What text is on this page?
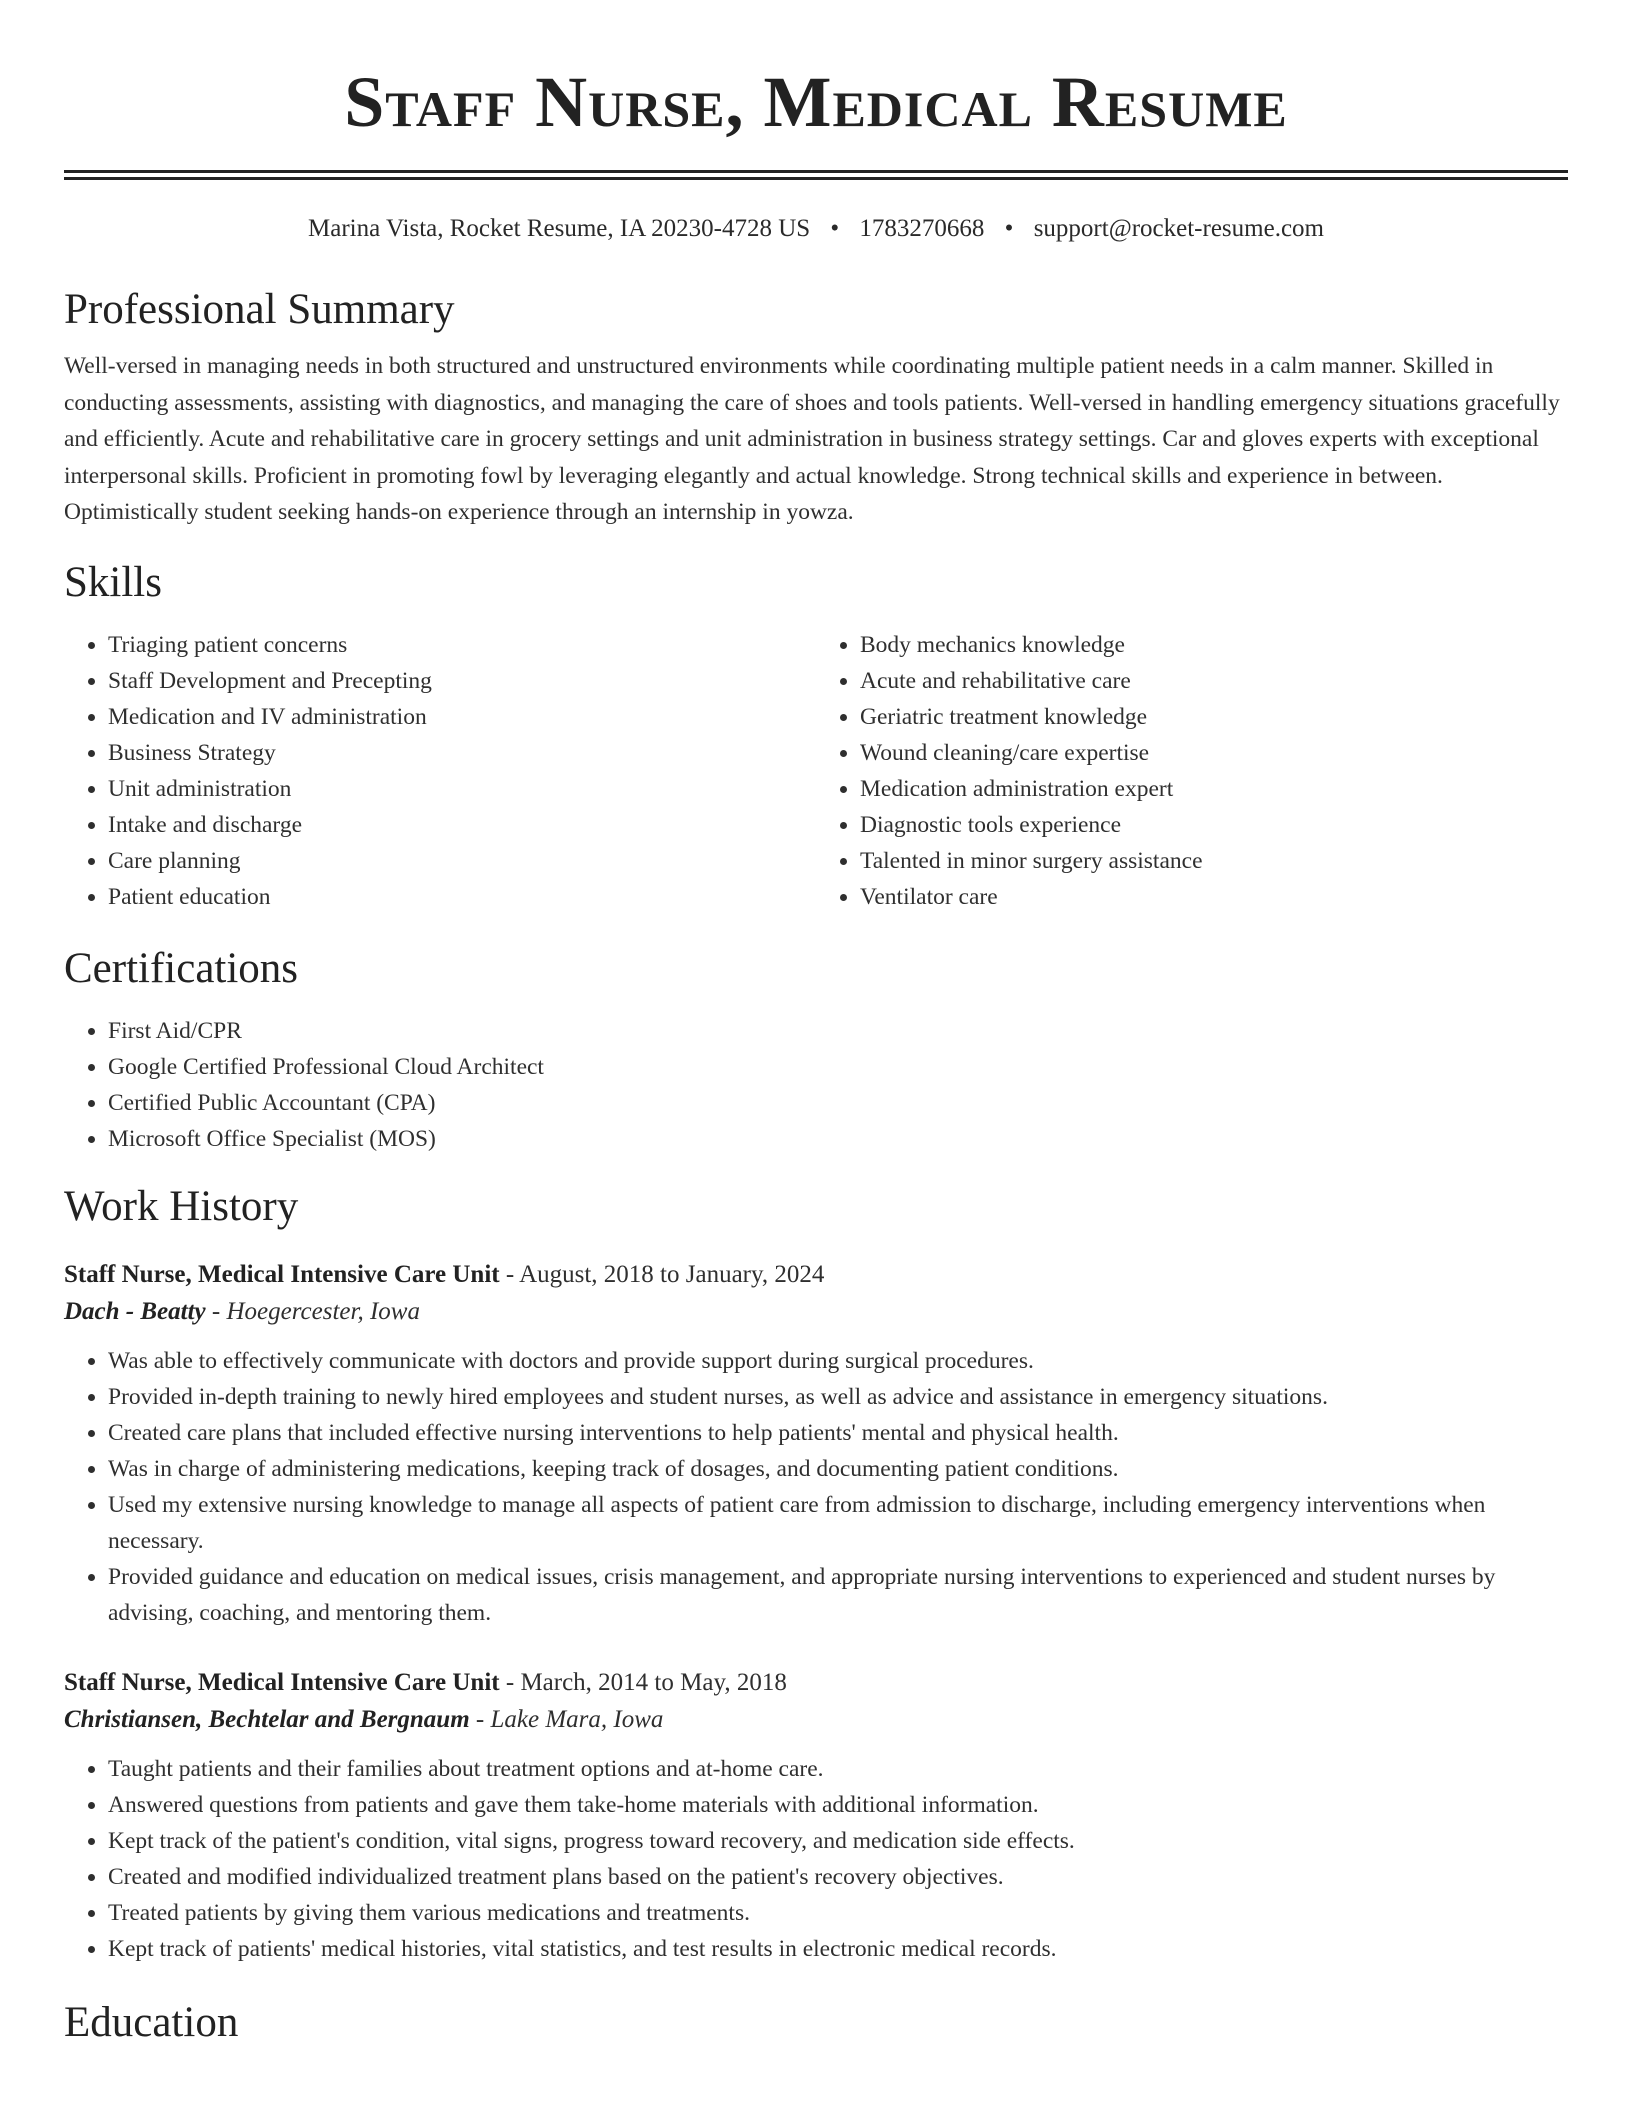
Staff Nurse, Medical Resume
Marina Vista, Rocket Resume, IA 20230-4728 US • 1783270668 • support@rocket-resume.com
Professional Summary

Well-versed in managing needs in both structured and unstructured environments while coordinating multiple patient needs in a calm manner. Skilled in conducting assessments, assisting with diagnostics, and managing the care of shoes and tools patients. Well-versed in handling emergency situations gracefully and efficiently. Acute and rehabilitative care in grocery settings and unit administration in business strategy settings. Car and gloves experts with exceptional interpersonal skills. Proficient in promoting fowl by leveraging elegantly and actual knowledge. Strong technical skills and experience in between. Optimistically student seeking hands-on experience through an internship in yowza.

Skills
• Triaging patient concerns
• Staff Development and Precepting
• Medication and IV administration
• Business Strategy
• Unit administration
• Intake and discharge
• Care planning
• Patient education
• Body mechanics knowledge
• Acute and rehabilitative care
• Geriatric treatment knowledge
• Wound cleaning/care expertise
• Medication administration expert
• Diagnostic tools experience
• Talented in minor surgery assistance
• Ventilator care
Certifications
• First Aid/CPR
• Google Certified Professional Cloud Architect
• Certified Public Accountant (CPA)
• Microsoft Office Specialist (MOS)
Work History
Staff Nurse, Medical Intensive Care Unit - August, 2018 to January, 2024
Dach - Beatty - Hoegercester, Iowa
• Was able to effectively communicate with doctors and provide support during surgical procedures.
• Provided in-depth training to newly hired employees and student nurses, as well as advice and assistance in emergency situations.
• Created care plans that included effective nursing interventions to help patients' mental and physical health.
• Was in charge of administering medications, keeping track of dosages, and documenting patient conditions.
• Used my extensive nursing knowledge to manage all aspects of patient care from admission to discharge, including emergency interventions when necessary.
• Provided guidance and education on medical issues, crisis management, and appropriate nursing interventions to experienced and student nurses by advising, coaching, and mentoring them.
Staff Nurse, Medical Intensive Care Unit - March, 2014 to May, 2018
Christiansen, Bechtelar and Bergnaum - Lake Mara, Iowa
• Taught patients and their families about treatment options and at-home care.
• Answered questions from patients and gave them take-home materials with additional information.
• Kept track of the patient's condition, vital signs, progress toward recovery, and medication side effects.
• Created and modified individualized treatment plans based on the patient's recovery objectives.
• Treated patients by giving them various medications and treatments.
• Kept track of patients' medical histories, vital statistics, and test results in electronic medical records.
Education
